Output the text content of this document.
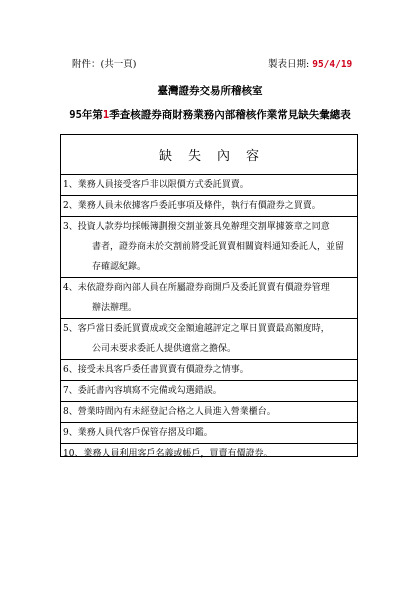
附件：(共一頁)	製表日期: 95/4/19
臺灣證券交易所稽核室
95年第1季查核證券商財務業務內部稽核作業常見缺失彙總表
缺失內容
1、業務人員接受客戶非以限價方式委託買賣。
2、業務人員未依據客戶委託事項及條件，執行有價證券之買賣。
3、投資人款券均採帳簿劃撥交割並簽具免辦理交割單據簽章之同意
書者，證券商未於交割前將受託買賣相關資料通知委託人，並留
存確認紀錄。
4、未依證券商內部人員在所屬證券商開戶及委託買賣有價證券管理
辦法辦理。
5、客戶當日委託買賣成或交金額逾越評定之單日買賣最高額度時，
公司未要求委託人提供適當之擔保。
6、接受未具客戶委任書買賣有價證券之情事。
7、委託書內容填寫不完備或勾選錯誤。
8、營業時間內有未經登記合格之人員進入營業櫃台。
9、業務人員代客戶保管存摺及印鑑。
10、業務人員利用客戶名義或帳戶，買賣有價證券。
